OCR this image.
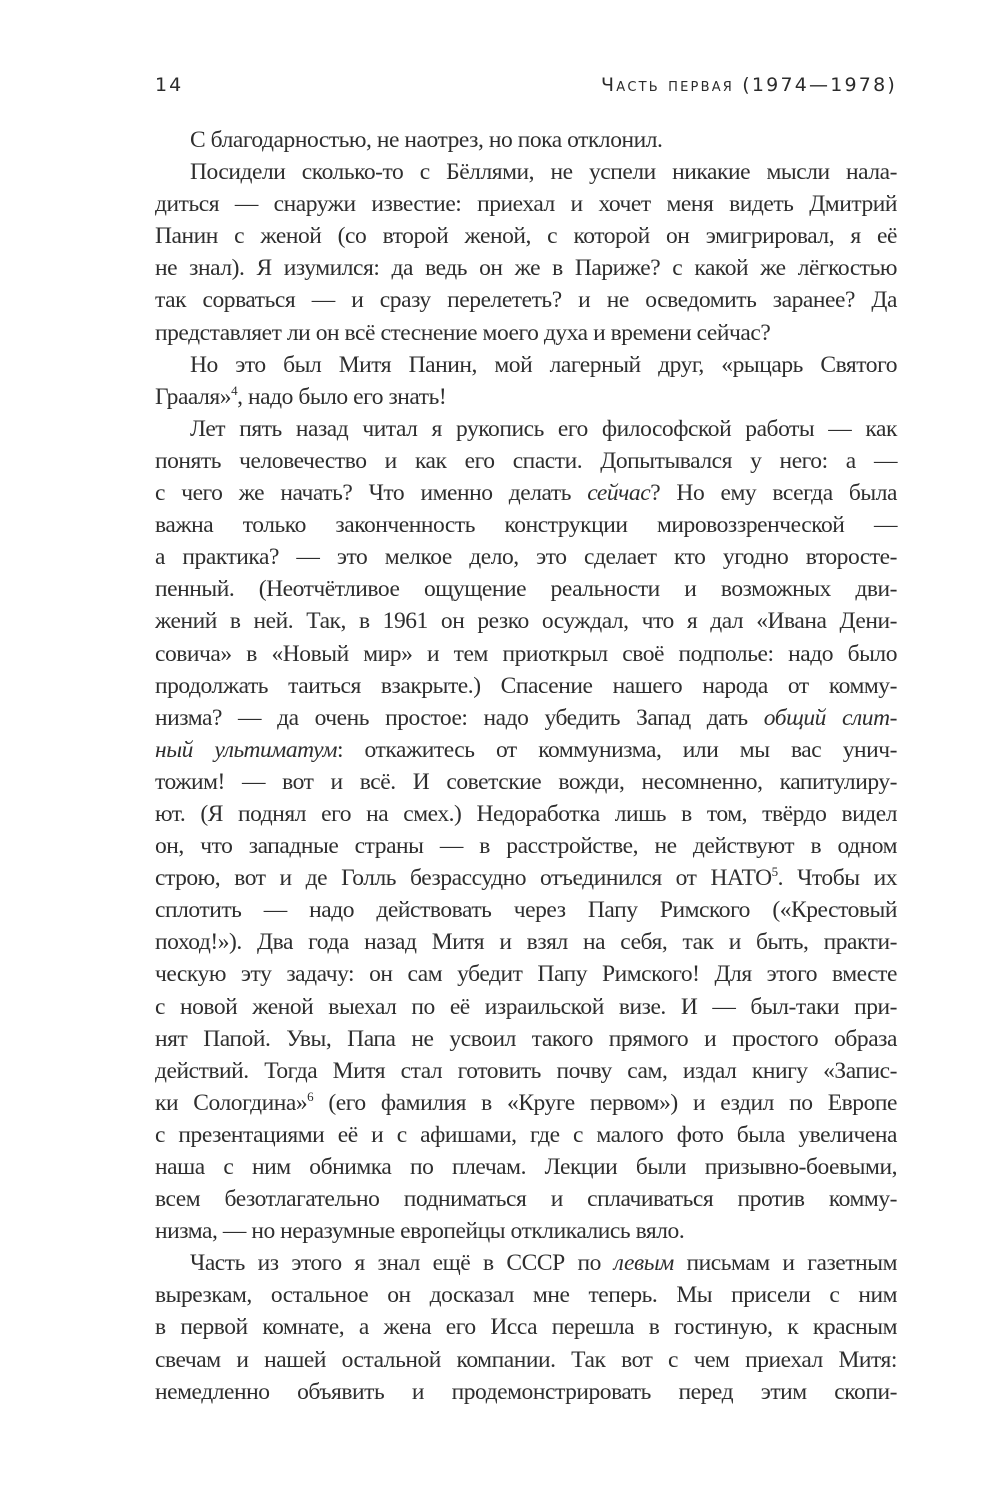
14	Часть первая (1974—1978)
С благодарностью, не наотрез, но пока отклонил.
Посидели сколько-то с Бёллями, не успели никакие мысли нала-
диться — снаружи известие: приехал и хочет меня видеть Дмитрий
Панин с женой (со второй женой, с которой он эмигрировал, я её
не знал). Я изумился: да ведь он же в Париже? с какой же лёгкостью
так сорваться — и сразу перелететь? и не осведомить заранее? Да
представляет ли он всё стеснение моего духа и времени сейчас?
Но это был Митя Панин, мой лагерный друг, «рыцарь Святого
Грааля»$^4$, надо было его знать!
Лет пять назад читал я рукопись его философской работы — как
понять человечество и как его спасти. Допытывался у него: а —
с чего же начать? Что именно делать сейчас? Но ему всегда была
важна только законченность конструкции мировоззренческой —
а практика? — это мелкое дело, это сделает кто угодно второсте-
пенный. (Неотчётливое ощущение реальности и возможных дви-
жений в ней. Так, в 1961 он резко осуждал, что я дал «Ивана Дени-
совича» в «Новый мир» и тем приоткрыл своё подполье: надо было
продолжать таиться взакрыте.) Спасение нашего народа от комму-
низма? — да очень простое: надо убедить Запад дать общий слит-
ный ультиматум: откажитесь от коммунизма, или мы вас унич-
тожим! — вот и всё. И советские вожди, несомненно, капитулиру-
ют. (Я поднял его на смех.) Недоработка лишь в том, твёрдо видел
он, что западные страны — в расстройстве, не действуют в одном
строю, вот и де Голль безрассудно отъединился от НАТО$^5$. Чтобы их
сплотить — надо действовать через Папу Римского («Крестовый
поход!»). Два года назад Митя и взял на себя, так и быть, практи-
ческую эту задачу: он сам убедит Папу Римского! Для этого вместе
с новой женой выехал по её израильской визе. И — был-таки при-
нят Папой. Увы, Папа не усвоил такого прямого и простого образа
действий. Тогда Митя стал готовить почву сам, издал книгу «Запис-
ки Сологдина»$^6$ (его фамилия в «Круге первом») и ездил по Европе
с презентациями её и с афишами, где с малого фото была увеличена
наша с ним обнимка по плечам. Лекции были призывно-боевыми,
всем безотлагательно подниматься и сплачиваться против комму-
низма, — но неразумные европейцы откликались вяло.
Часть из этого я знал ещё в СССР по левым письмам и газетным
вырезкам, остальное он досказал мне теперь. Мы присели с ним
в первой комнате, а жена его Исса перешла в гостиную, к красным
свечам и нашей остальной компании. Так вот с чем приехал Митя:
немедленно объявить и продемонстрировать перед этим скопи-
